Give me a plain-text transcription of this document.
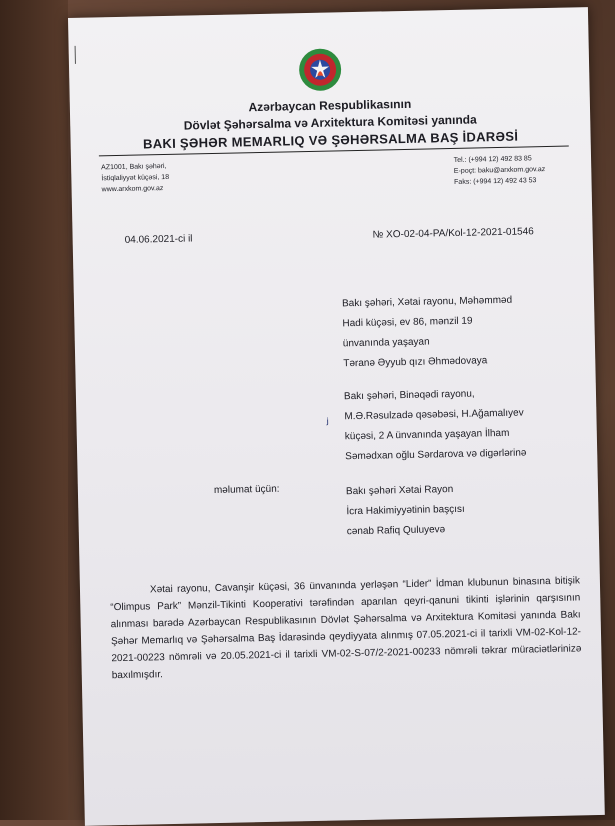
Azərbaycan Respublikasının
Dövlət Şəhərsalma və Arxitektura Komitəsi yanında
BAKI ŞƏHƏR MEMARLIQ VƏ ŞƏHƏRSALMA BAŞ İDARƏSİ
AZ1001, Bakı şəhəri,
İstiqlaliyyət küçəsi, 18
www.arxkom.gov.az
Tel.: (+994 12) 492 83 85
E-poçt: baku@arxkom.gov.az
Faks: (+994 12) 492 43 53
04.06.2021-ci il	№ XO-02-04-PA/Kol-12-2021-01546
Bakı şəhəri, Xətai rayonu, Məhəmməd
Hadi küçəsi, ev 86, mənzil 19
ünvanında yaşayan
Təranə Əyyub qızı Əhmədovaya
ⱼ
Bakı şəhəri, Binəqədi rayonu,
M.Ə.Rəsulzadə qəsəbəsi, H.Ağamalıyev
küçəsi, 2 A ünvanında yaşayan İlham
Səmədxan oğlu Sərdarova və digərlərinə
məlumat üçün:	Bakı şəhəri Xətai Rayon
İcra Hakimiyyətinin başçısı
cənab Rafiq Quluyevə
Xətai rayonu, Cavanşir küçəsi, 36 ünvanında yerləşən “Lider” İdman klubunun binasına bitişik “Olimpus Park” Mənzil-Tikinti Kooperativi tərəfindən aparılan qeyri-qanuni tikinti işlərinin qarşısının alınması barədə Azərbaycan Respublikasının Dövlət Şəhərsalma və Arxitektura Komitəsi yanında Bakı Şəhər Memarlıq və Şəhərsalma Baş İdarəsində qeydiyyata alınmış 07.05.2021-ci il tarixli VM-02-Kol-12-2021-00223 nömrəli və 20.05.2021-ci il tarixli VM-02-S-07/2-2021-00233 nömrəli təkrar müraciətlərinizə baxılmışdır.
